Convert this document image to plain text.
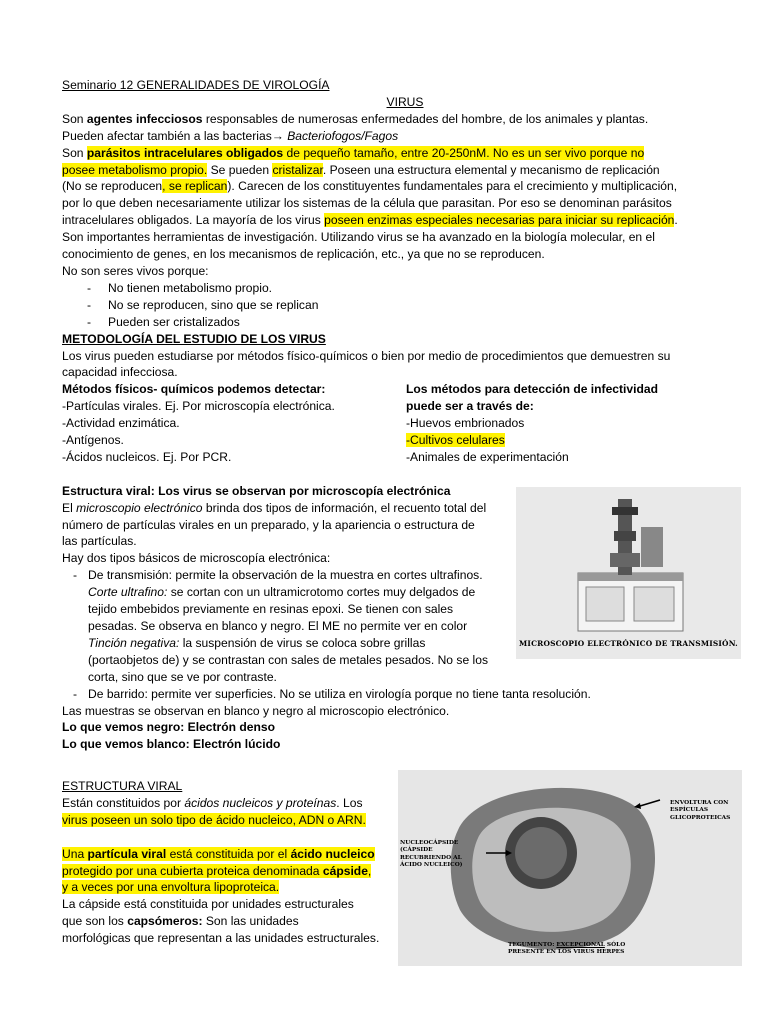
Seminario 12 GENERALIDADES DE VIROLOGÍA

VIRUS

Son agentes infecciosos responsables de numerosas enfermedades del hombre, de los animales y plantas.

Pueden afectar también a las bacterias→ Bacteriofogos/Fagos

Son parásitos intracelulares obligados de pequeño tamaño, entre 20-250nM. No es un ser vivo porque no

posee metabolismo propio. Se pueden cristalizar. Poseen una estructura elemental y mecanismo de replicación

(No se reproducen, se replican). Carecen de los constituyentes fundamentales para el crecimiento y multiplicación,

por lo que deben necesariamente utilizar los sistemas de la célula que parasitan. Por eso se denominan parásitos

intracelulares obligados. La mayoría de los virus poseen enzimas especiales necesarias para iniciar su replicación.

Son importantes herramientas de investigación. Utilizando virus se ha avanzado en la biología molecular, en el

conocimiento de genes, en los mecanismos de replicación, etc., ya que no se reproducen.

No son seres vivos porque:

-	No tienen metabolismo propio.
-	No se reproducen, sino que se replican
-	Pueden ser cristalizados

METODOLOGÍA DEL ESTUDIO DE LOS VIRUS

Los virus pueden estudiarse por métodos físico-químicos o bien por medio de procedimientos que demuestren su

capacidad infecciosa.

Métodos físicos- químicos podemos detectar:

-Partículas virales. Ej. Por microscopía electrónica.

-Actividad enzimática.

-Antígenos.

-Ácidos nucleicos. Ej. Por PCR.

Los métodos para detección de infectividad

puede ser a través de:

-Huevos embrionados

-Cultivos celulares

-Animales de experimentación

Estructura viral: Los virus se observan por microscopía electrónica

El microscopio electrónico brinda dos tipos de información, el recuento total del

número de partículas virales en un preparado, y la apariencia o estructura de

las partículas.

Hay dos tipos básicos de microscopía electrónica:

- De transmisión: permite la observación de la muestra en cortes ultrafinos.

Corte ultrafino: se cortan con un ultramicrotomo cortes muy delgados de

tejido embebidos previamente en resinas epoxi. Se tienen con sales

pesadas. Se observa en blanco y negro. El ME no permite ver en color

Tinción negativa: la suspensión de virus se coloca sobre grillas

(portaobjetos de) y se contrastan con sales de metales pesados. No se los

corta, sino que se ve por contraste.

- De barrido: permite ver superficies. No se utiliza en virología porque no tiene tanta resolución.

Las muestras se observan en blanco y negro al microscopio electrónico.

Lo que vemos negro: Electrón denso

Lo que vemos blanco: Electrón lúcido

MICROSCOPIO ELECTRÓNICO DE TRANSMISIÓN.

ESTRUCTURA VIRAL

Están constituidos por ácidos nucleicos y proteínas. Los

virus poseen un solo tipo de ácido nucleico, ADN o ARN.

Una partícula viral está constituida por el ácido nucleico

protegido por una cubierta proteica denominada cápside,

y a veces por una envoltura lipoproteica.

La cápside está constituida por unidades estructurales

que son los capsómeros: Son las unidades

morfológicas que representan a las unidades estructurales.

NUCLEOCÁPSIDE (CÁPSIDE RECUBRIENDO AL ÁCIDO NUCLEICO)
ENVOLTURA CON ESPÍCULAS GLICOPROTEICAS
TEGUMENTO: EXCEPCIONAL SÓLO
PRESENTE EN LOS VIRUS HERPES
